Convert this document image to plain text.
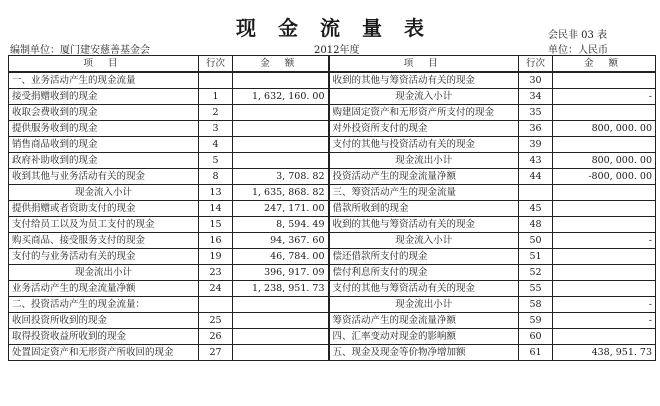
现金流量表	会民非 03 表
编制单位：厦门建安慈善基金会	2012年度	单位：人民币
项 目	行次	金 额	项 目	行次	金 额
一、业务活动产生的现金流量			收到的其他与筹资活动有关的现金	30	
接受捐赠收到的现金	1	1, 632, 160. 00	现金流入小计	34	-
收取会费收到的现金	2		购建固定资产和无形资产所支付的现金	35	
提供服务收到的现金	3		对外投资所支付的现金	36	800, 000. 00
销售商品收到的现金	4		支付的其他与投资活动有关的现金	39	
政府补助收到的现金	5		现金流出小计	43	800, 000. 00
收到其他与业务活动有关的现金	8	3, 708. 82	投资活动产生的现金流量净额	44	-800, 000. 00
现金流入小计	13	1, 635, 868. 82	三、筹资活动产生的现金流量		
提供捐赠或者资助支付的现金	14	247, 171. 00	借款所收到的现金	45	
支付给员工以及为员工支付的现金	15	8, 594. 49	收到的其他与筹资活动有关的现金	48	
购买商品、接受服务支付的现金	16	94, 367. 60	现金流入小计	50	-
支付的与业务活动有关的现金	19	46, 784. 00	偿还借款所支付的现金	51	
现金流出小计	23	396, 917. 09	偿付利息所支付的现金	52	
业务活动产生的现金流量净额	24	1, 238, 951. 73	支付的其他与筹资活动有关的现金	55	
二、投资活动产生的现金流量：			现金流出小计	58	-
收回投资所收到的现金	25		筹资活动产生的现金流量净额	59	-
取得投资收益所收到的现金	26		四、汇率变动对现金的影响额	60	
处置固定资产和无形资产所收回的现金	27		五、现金及现金等价物净增加额	61	438, 951. 73
